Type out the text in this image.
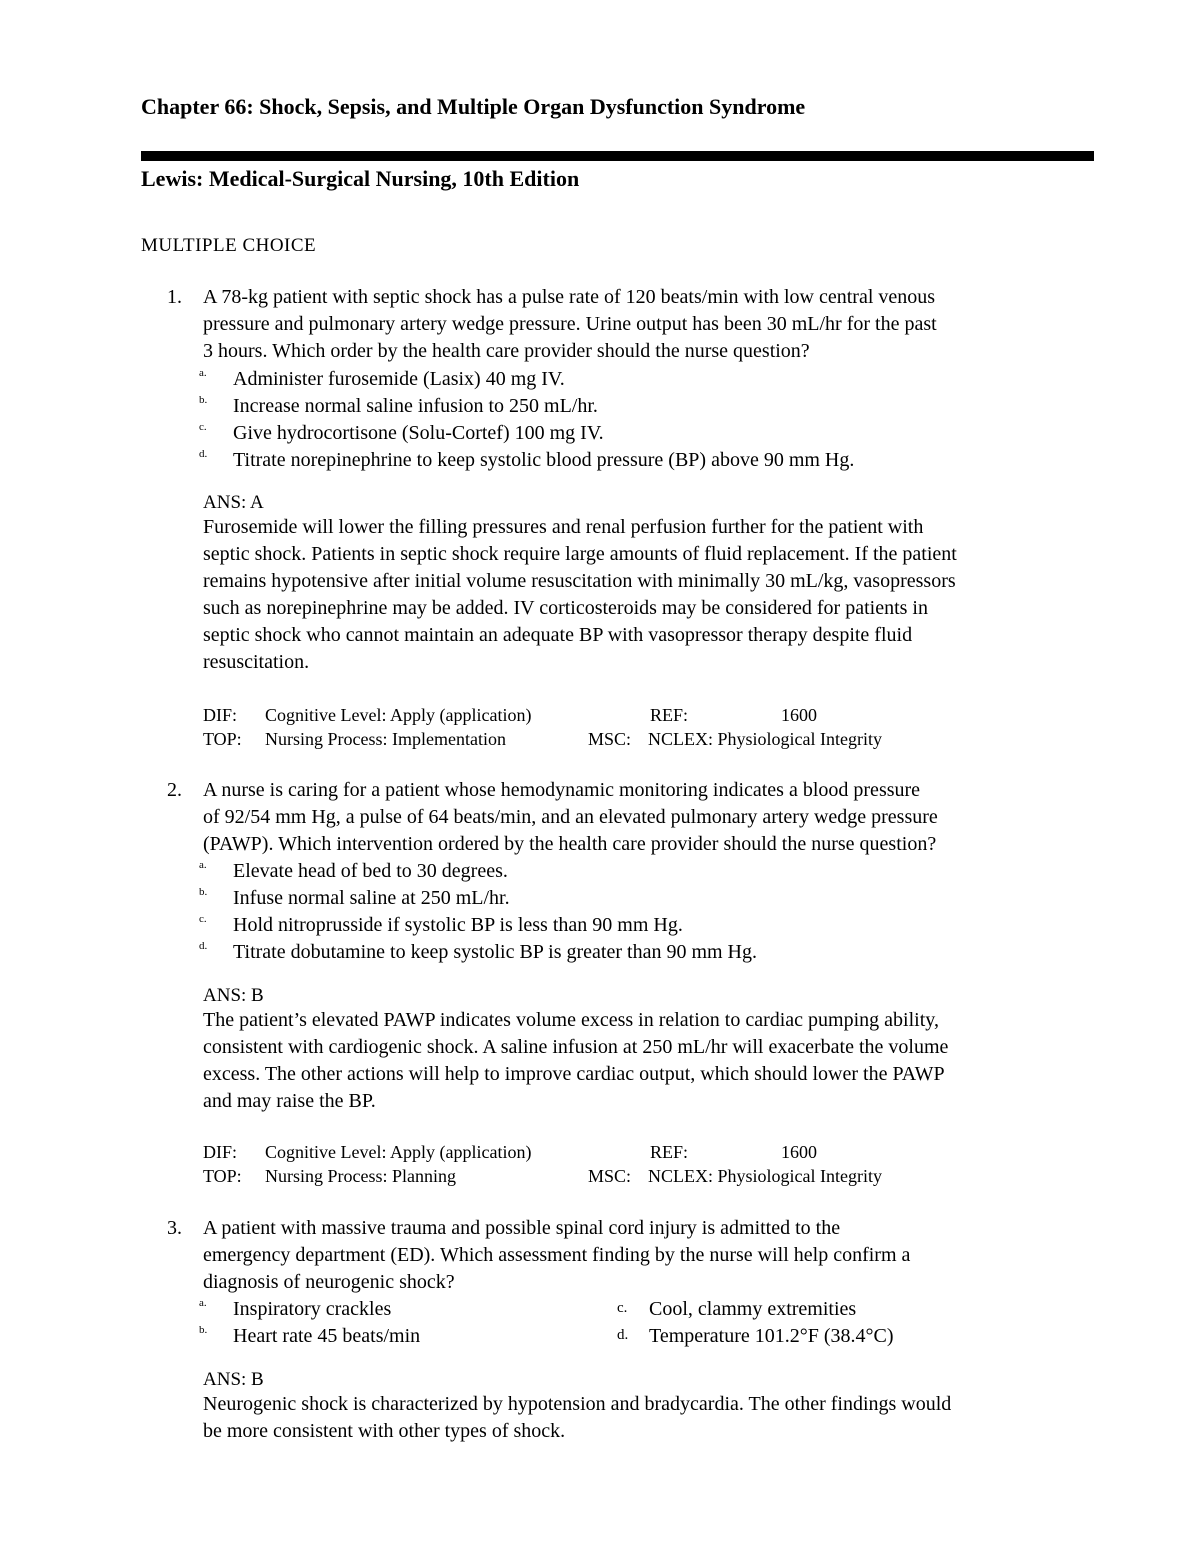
Chapter 66: Shock, Sepsis, and Multiple Organ Dysfunction Syndrome
Lewis: Medical-Surgical Nursing, 10th Edition
MULTIPLE CHOICE
1. A 78-kg patient with septic shock has a pulse rate of 120 beats/min with low central venous
pressure and pulmonary artery wedge pressure. Urine output has been 30 mL/hr for the past
3 hours. Which order by the health care provider should the nurse question?
a. Administer furosemide (Lasix) 40 mg IV.
b. Increase normal saline infusion to 250 mL/hr.
c. Give hydrocortisone (Solu-Cortef) 100 mg IV.
d. Titrate norepinephrine to keep systolic blood pressure (BP) above 90 mm Hg.
ANS: A
Furosemide will lower the filling pressures and renal perfusion further for the patient with
septic shock. Patients in septic shock require large amounts of fluid replacement. If the patient
remains hypotensive after initial volume resuscitation with minimally 30 mL/kg, vasopressors
such as norepinephrine may be added. IV corticosteroids may be considered for patients in
septic shock who cannot maintain an adequate BP with vasopressor therapy despite fluid
resuscitation.
DIF: Cognitive Level: Apply (application)	REF:	1600
TOP: Nursing Process: Implementation	MSC: NCLEX: Physiological Integrity
2. A nurse is caring for a patient whose hemodynamic monitoring indicates a blood pressure
of 92/54 mm Hg, a pulse of 64 beats/min, and an elevated pulmonary artery wedge pressure
(PAWP). Which intervention ordered by the health care provider should the nurse question?
a. Elevate head of bed to 30 degrees.
b. Infuse normal saline at 250 mL/hr.
c. Hold nitroprusside if systolic BP is less than 90 mm Hg.
d. Titrate dobutamine to keep systolic BP is greater than 90 mm Hg.
ANS: B
The patient’s elevated PAWP indicates volume excess in relation to cardiac pumping ability,
consistent with cardiogenic shock. A saline infusion at 250 mL/hr will exacerbate the volume
excess. The other actions will help to improve cardiac output, which should lower the PAWP
and may raise the BP.
DIF: Cognitive Level: Apply (application)	REF:	1600
TOP: Nursing Process: Planning	MSC: NCLEX: Physiological Integrity
3. A patient with massive trauma and possible spinal cord injury is admitted to the
emergency department (ED). Which assessment finding by the nurse will help confirm a
diagnosis of neurogenic shock?
a. Inspiratory crackles
b. Heart rate 45 beats/min
c. Cool, clammy extremities
d. Temperature 101.2°F (38.4°C)
ANS: B
Neurogenic shock is characterized by hypotension and bradycardia. The other findings would
be more consistent with other types of shock.
